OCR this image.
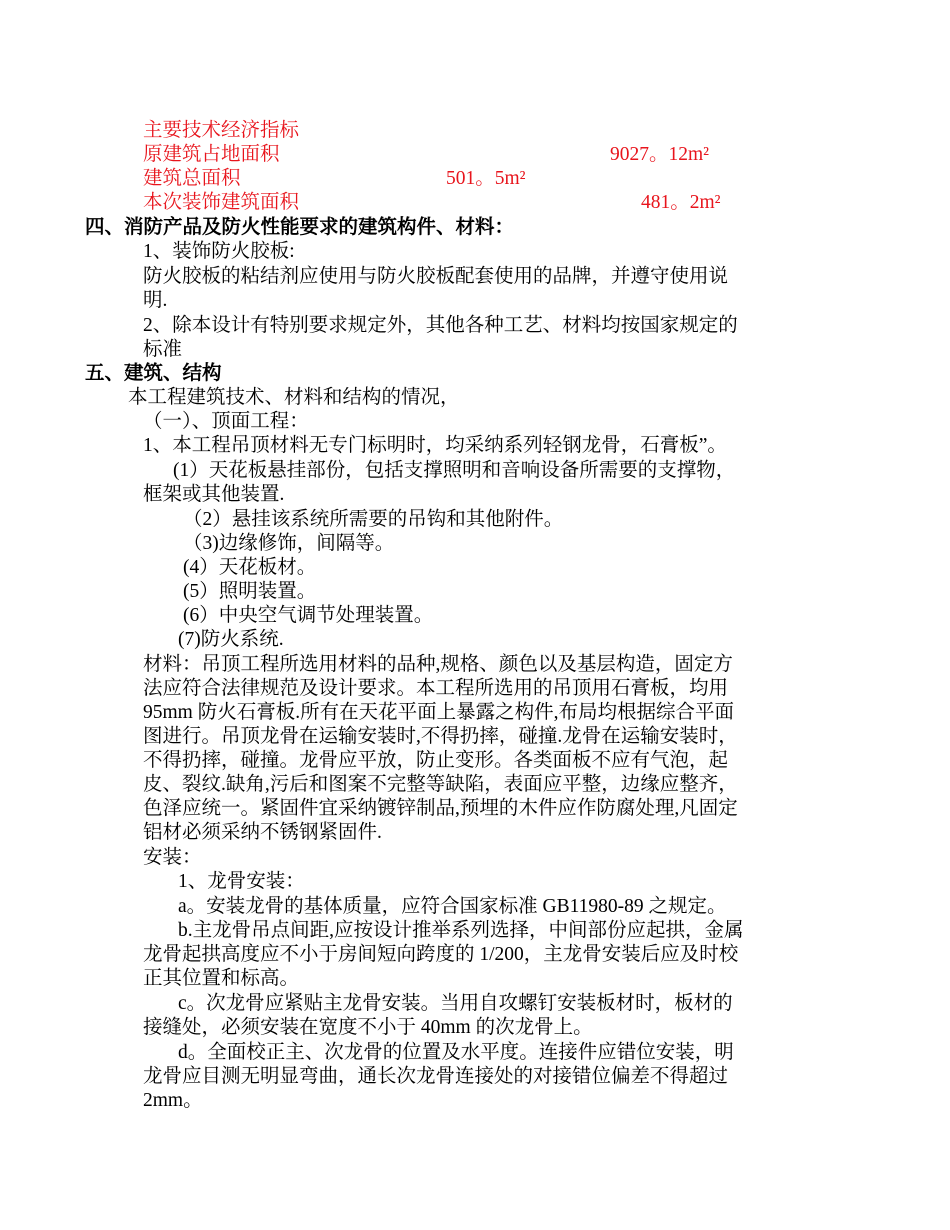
主要技术经济指标
原建筑占地面积	9027。12m²
建筑总面积	501。5m²
本次装饰建筑面积	481。2m²
四、消防产品及防火性能要求的建筑构件、材料：
1、装饰防火胶板:
防火胶板的粘结剂应使用与防火胶板配套使用的品牌，并遵守使用说
明.
2、除本设计有特别要求规定外，其他各种工艺、材料均按国家规定的
标准
五、建筑、结构
本工程建筑技术、材料和结构的情况，
（一）、顶面工程：
1、本工程吊顶材料无专门标明时，均采纳系列轻钢龙骨，石膏板”。
(1）天花板悬挂部份，包括支撑照明和音响设备所需要的支撑物，
框架或其他装置.
（2）悬挂该系统所需要的吊钩和其他附件。
（3)边缘修饰，间隔等。
(4）天花板材。
(5）照明装置。
(6）中央空气调节处理装置。
(7)防火系统.
材料：吊顶工程所选用材料的品种,规格、颜色以及基层构造，固定方
法应符合法律规范及设计要求。本工程所选用的吊顶用石膏板，均用
95mm 防火石膏板.所有在天花平面上暴露之构件,布局均根据综合平面
图进行。吊顶龙骨在运输安装时,不得扔摔，碰撞.龙骨在运输安装时，
不得扔摔，碰撞。龙骨应平放，防止变形。各类面板不应有气泡，起
皮、裂纹.缺角,污后和图案不完整等缺陷，表面应平整，边缘应整齐，
色泽应统一。紧固件宜采纳镀锌制品,预埋的木件应作防腐处理,凡固定
铝材必须采纳不锈钢紧固件.
安装：
1、龙骨安装：
a。安装龙骨的基体质量，应符合国家标准 GB11980-89 之规定。
b.主龙骨吊点间距,应按设计推举系列选择，中间部份应起拱，金属
龙骨起拱高度应不小于房间短向跨度的 1/200，主龙骨安装后应及时校
正其位置和标高。
c。次龙骨应紧贴主龙骨安装。当用自攻螺钉安装板材时，板材的
接缝处，必须安装在宽度不小于 40mm 的次龙骨上。
d。全面校正主、次龙骨的位置及水平度。连接件应错位安装，明
龙骨应目测无明显弯曲，通长次龙骨连接处的对接错位偏差不得超过
2mm。
